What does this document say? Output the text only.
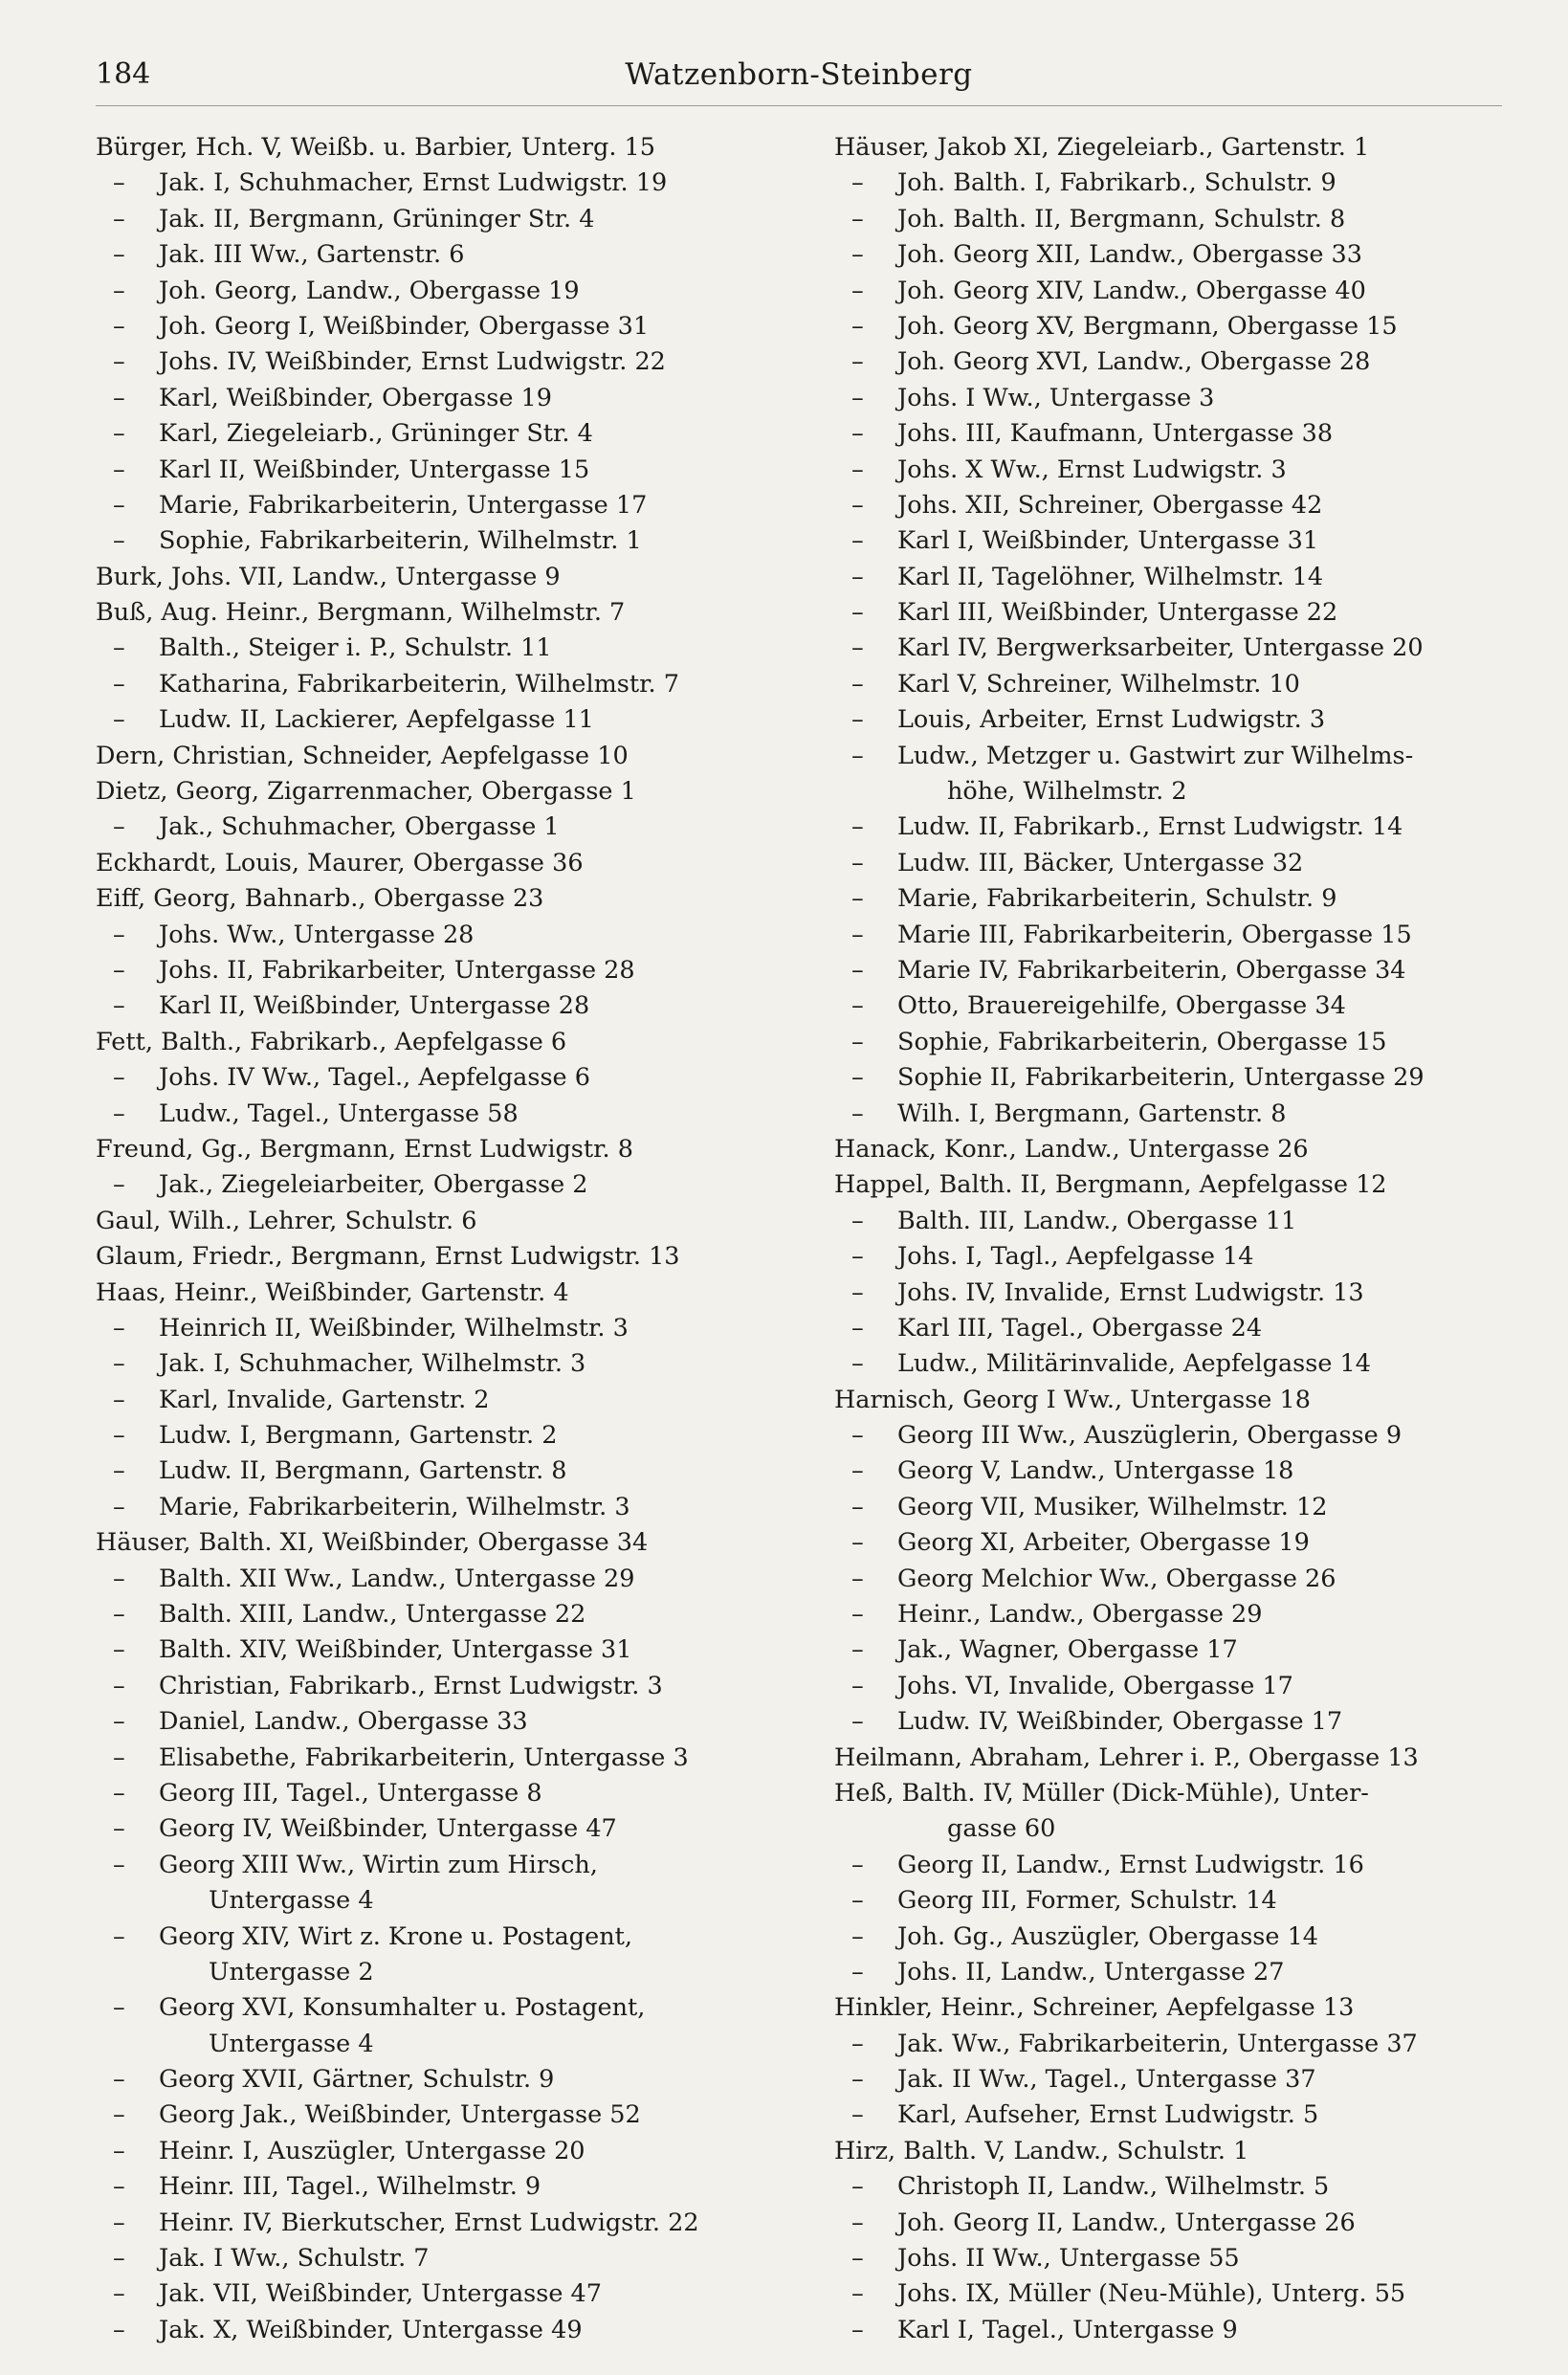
184	Watzenborn-Steinberg
Bürger, Hch. V, Weißb. u. Barbier, Unterg. 15
– Jak. I, Schuhmacher, Ernst Ludwigstr. 19
– Jak. II, Bergmann, Grüninger Str. 4
– Jak. III Ww., Gartenstr. 6
– Joh. Georg, Landw., Obergasse 19
– Joh. Georg I, Weißbinder, Obergasse 31
– Johs. IV, Weißbinder, Ernst Ludwigstr. 22
– Karl, Weißbinder, Obergasse 19
– Karl, Ziegeleiarb., Grüninger Str. 4
– Karl II, Weißbinder, Untergasse 15
– Marie, Fabrikarbeiterin, Untergasse 17
– Sophie, Fabrikarbeiterin, Wilhelmstr. 1
Burk, Johs. VII, Landw., Untergasse 9
Buß, Aug. Heinr., Bergmann, Wilhelmstr. 7
– Balth., Steiger i. P., Schulstr. 11
– Katharina, Fabrikarbeiterin, Wilhelmstr. 7
– Ludw. II, Lackierer, Aepfelgasse 11
Dern, Christian, Schneider, Aepfelgasse 10
Dietz, Georg, Zigarrenmacher, Obergasse 1
– Jak., Schuhmacher, Obergasse 1
Eckhardt, Louis, Maurer, Obergasse 36
Eiff, Georg, Bahnarb., Obergasse 23
– Johs. Ww., Untergasse 28
– Johs. II, Fabrikarbeiter, Untergasse 28
– Karl II, Weißbinder, Untergasse 28
Fett, Balth., Fabrikarb., Aepfelgasse 6
– Johs. IV Ww., Tagel., Aepfelgasse 6
– Ludw., Tagel., Untergasse 58
Freund, Gg., Bergmann, Ernst Ludwigstr. 8
– Jak., Ziegeleiarbeiter, Obergasse 2
Gaul, Wilh., Lehrer, Schulstr. 6
Glaum, Friedr., Bergmann, Ernst Ludwigstr. 13
Haas, Heinr., Weißbinder, Gartenstr. 4
– Heinrich II, Weißbinder, Wilhelmstr. 3
– Jak. I, Schuhmacher, Wilhelmstr. 3
– Karl, Invalide, Gartenstr. 2
– Ludw. I, Bergmann, Gartenstr. 2
– Ludw. II, Bergmann, Gartenstr. 8
– Marie, Fabrikarbeiterin, Wilhelmstr. 3
Häuser, Balth. XI, Weißbinder, Obergasse 34
– Balth. XII Ww., Landw., Untergasse 29
– Balth. XIII, Landw., Untergasse 22
– Balth. XIV, Weißbinder, Untergasse 31
– Christian, Fabrikarb., Ernst Ludwigstr. 3
– Daniel, Landw., Obergasse 33
– Elisabethe, Fabrikarbeiterin, Untergasse 3
– Georg III, Tagel., Untergasse 8
– Georg IV, Weißbinder, Untergasse 47
– Georg XIII Ww., Wirtin zum Hirsch,
Untergasse 4
– Georg XIV, Wirt z. Krone u. Postagent,
Untergasse 2
– Georg XVI, Konsumhalter u. Postagent,
Untergasse 4
– Georg XVII, Gärtner, Schulstr. 9
– Georg Jak., Weißbinder, Untergasse 52
– Heinr. I, Auszügler, Untergasse 20
– Heinr. III, Tagel., Wilhelmstr. 9
– Heinr. IV, Bierkutscher, Ernst Ludwigstr. 22
– Jak. I Ww., Schulstr. 7
– Jak. VII, Weißbinder, Untergasse 47
– Jak. X, Weißbinder, Untergasse 49
Häuser, Jakob XI, Ziegeleiarb., Gartenstr. 1
– Joh. Balth. I, Fabrikarb., Schulstr. 9
– Joh. Balth. II, Bergmann, Schulstr. 8
– Joh. Georg XII, Landw., Obergasse 33
– Joh. Georg XIV, Landw., Obergasse 40
– Joh. Georg XV, Bergmann, Obergasse 15
– Joh. Georg XVI, Landw., Obergasse 28
– Johs. I Ww., Untergasse 3
– Johs. III, Kaufmann, Untergasse 38
– Johs. X Ww., Ernst Ludwigstr. 3
– Johs. XII, Schreiner, Obergasse 42
– Karl I, Weißbinder, Untergasse 31
– Karl II, Tagelöhner, Wilhelmstr. 14
– Karl III, Weißbinder, Untergasse 22
– Karl IV, Bergwerksarbeiter, Untergasse 20
– Karl V, Schreiner, Wilhelmstr. 10
– Louis, Arbeiter, Ernst Ludwigstr. 3
– Ludw., Metzger u. Gastwirt zur Wilhelms-
höhe, Wilhelmstr. 2
– Ludw. II, Fabrikarb., Ernst Ludwigstr. 14
– Ludw. III, Bäcker, Untergasse 32
– Marie, Fabrikarbeiterin, Schulstr. 9
– Marie III, Fabrikarbeiterin, Obergasse 15
– Marie IV, Fabrikarbeiterin, Obergasse 34
– Otto, Brauereigehilfe, Obergasse 34
– Sophie, Fabrikarbeiterin, Obergasse 15
– Sophie II, Fabrikarbeiterin, Untergasse 29
– Wilh. I, Bergmann, Gartenstr. 8
Hanack, Konr., Landw., Untergasse 26
Happel, Balth. II, Bergmann, Aepfelgasse 12
– Balth. III, Landw., Obergasse 11
– Johs. I, Tagl., Aepfelgasse 14
– Johs. IV, Invalide, Ernst Ludwigstr. 13
– Karl III, Tagel., Obergasse 24
– Ludw., Militärinvalide, Aepfelgasse 14
Harnisch, Georg I Ww., Untergasse 18
– Georg III Ww., Auszüglerin, Obergasse 9
– Georg V, Landw., Untergasse 18
– Georg VII, Musiker, Wilhelmstr. 12
– Georg XI, Arbeiter, Obergasse 19
– Georg Melchior Ww., Obergasse 26
– Heinr., Landw., Obergasse 29
– Jak., Wagner, Obergasse 17
– Johs. VI, Invalide, Obergasse 17
– Ludw. IV, Weißbinder, Obergasse 17
Heilmann, Abraham, Lehrer i. P., Obergasse 13
Heß, Balth. IV, Müller (Dick-Mühle), Unter-
gasse 60
– Georg II, Landw., Ernst Ludwigstr. 16
– Georg III, Former, Schulstr. 14
– Joh. Gg., Auszügler, Obergasse 14
– Johs. II, Landw., Untergasse 27
Hinkler, Heinr., Schreiner, Aepfelgasse 13
– Jak. Ww., Fabrikarbeiterin, Untergasse 37
– Jak. II Ww., Tagel., Untergasse 37
– Karl, Aufseher, Ernst Ludwigstr. 5
Hirz, Balth. V, Landw., Schulstr. 1
– Christoph II, Landw., Wilhelmstr. 5
– Joh. Georg II, Landw., Untergasse 26
– Johs. II Ww., Untergasse 55
– Johs. IX, Müller (Neu-Mühle), Unterg. 55
– Karl I, Tagel., Untergasse 9
